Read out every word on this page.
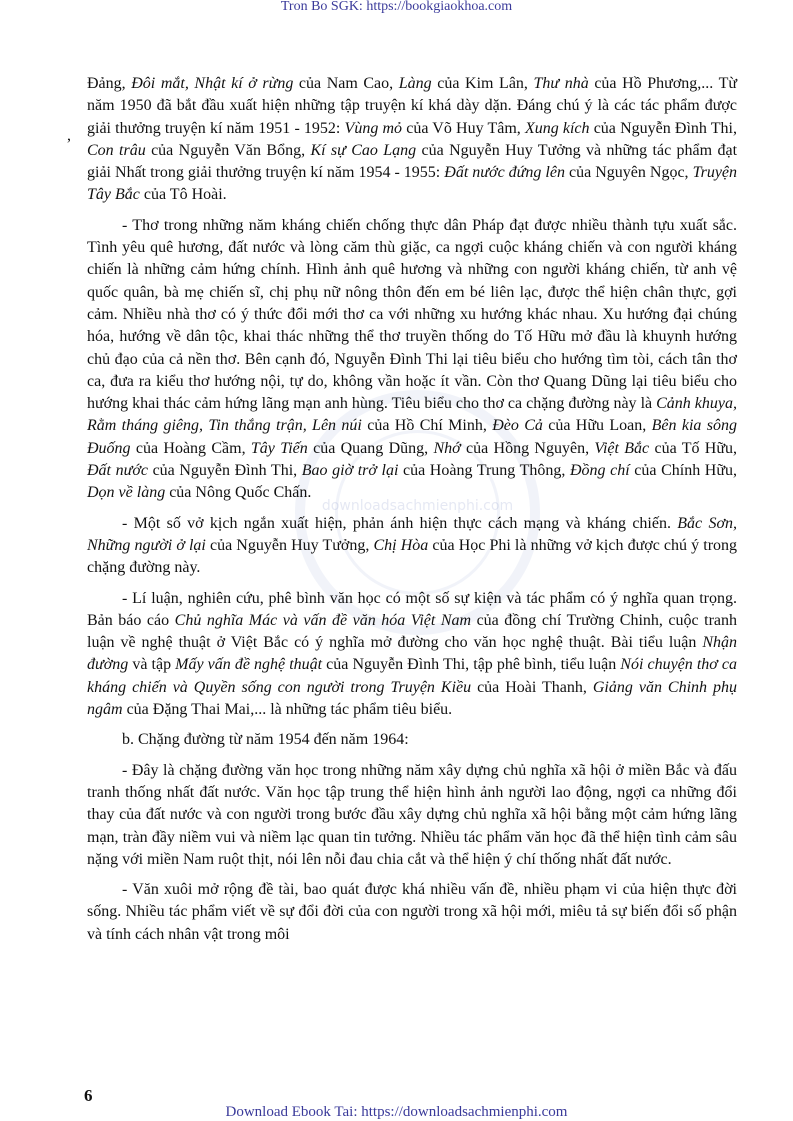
Tron Bo SGK: https://bookgiaokhoa.com
downloadsachmienphi.com
,

Đảng, Đôi mắt, Nhật kí ở rừng của Nam Cao, Làng của Kim Lân, Thư nhà của Hồ Phương,... Từ năm 1950 đã bắt đầu xuất hiện những tập truyện kí khá dày dặn. Đáng chú ý là các tác phẩm được giải thưởng truyện kí năm 1951 - 1952: Vùng mỏ của Võ Huy Tâm, Xung kích của Nguyễn Đình Thi, Con trâu của Nguyễn Văn Bổng, Kí sự Cao Lạng của Nguyễn Huy Tưởng và những tác phẩm đạt giải Nhất trong giải thưởng truyện kí năm 1954 - 1955: Đất nước đứng lên của Nguyên Ngọc, Truyện Tây Bắc của Tô Hoài.

- Thơ trong những năm kháng chiến chống thực dân Pháp đạt được nhiều thành tựu xuất sắc. Tình yêu quê hương, đất nước và lòng căm thù giặc, ca ngợi cuộc kháng chiến và con người kháng chiến là những cảm hứng chính. Hình ảnh quê hương và những con người kháng chiến, từ anh vệ quốc quân, bà mẹ chiến sĩ, chị phụ nữ nông thôn đến em bé liên lạc, được thể hiện chân thực, gợi cảm. Nhiều nhà thơ có ý thức đổi mới thơ ca với những xu hướng khác nhau. Xu hướng đại chúng hóa, hướng về dân tộc, khai thác những thể thơ truyền thống do Tố Hữu mở đầu là khuynh hướng chủ đạo của cả nền thơ. Bên cạnh đó, Nguyễn Đình Thi lại tiêu biểu cho hướng tìm tòi, cách tân thơ ca, đưa ra kiểu thơ hướng nội, tự do, không vần hoặc ít vần. Còn thơ Quang Dũng lại tiêu biểu cho hướng khai thác cảm hứng lãng mạn anh hùng. Tiêu biểu cho thơ ca chặng đường này là Cảnh khuya, Rằm tháng giêng, Tin thắng trận, Lên núi của Hồ Chí Minh, Đèo Cả của Hữu Loan, Bên kia sông Đuống của Hoàng Cầm, Tây Tiến của Quang Dũng, Nhớ của Hồng Nguyên, Việt Bắc của Tố Hữu, Đất nước của Nguyễn Đình Thi, Bao giờ trở lại của Hoàng Trung Thông, Đồng chí của Chính Hữu, Dọn về làng của Nông Quốc Chấn.

- Một số vở kịch ngắn xuất hiện, phản ánh hiện thực cách mạng và kháng chiến. Bắc Sơn, Những người ở lại của Nguyễn Huy Tưởng, Chị Hòa của Học Phi là những vở kịch được chú ý trong chặng đường này.

- Lí luận, nghiên cứu, phê bình văn học có một số sự kiện và tác phẩm có ý nghĩa quan trọng. Bản báo cáo Chủ nghĩa Mác và vấn đề văn hóa Việt Nam của đồng chí Trường Chinh, cuộc tranh luận về nghệ thuật ở Việt Bắc có ý nghĩa mở đường cho văn học nghệ thuật. Bài tiểu luận Nhận đường và tập Mấy vấn đề nghệ thuật của Nguyễn Đình Thi, tập phê bình, tiểu luận Nói chuyện thơ ca kháng chiến và Quyền sống con người trong Truyện Kiều của Hoài Thanh, Giảng văn Chinh phụ ngâm của Đặng Thai Mai,... là những tác phẩm tiêu biểu.

b. Chặng đường từ năm 1954 đến năm 1964:

- Đây là chặng đường văn học trong những năm xây dựng chủ nghĩa xã hội ở miền Bắc và đấu tranh thống nhất đất nước. Văn học tập trung thể hiện hình ảnh người lao động, ngợi ca những đổi thay của đất nước và con người trong bước đầu xây dựng chủ nghĩa xã hội bằng một cảm hứng lãng mạn, tràn đầy niềm vui và niềm lạc quan tin tưởng. Nhiều tác phẩm văn học đã thể hiện tình cảm sâu nặng với miền Nam ruột thịt, nói lên nỗi đau chia cắt và thể hiện ý chí thống nhất đất nước.

- Văn xuôi mở rộng đề tài, bao quát được khá nhiều vấn đề, nhiều phạm vi của hiện thực đời sống. Nhiều tác phẩm viết về sự đổi đời của con người trong xã hội mới, miêu tả sự biến đổi số phận và tính cách nhân vật trong môi

6
Download Ebook Tai: https://downloadsachmienphi.com
